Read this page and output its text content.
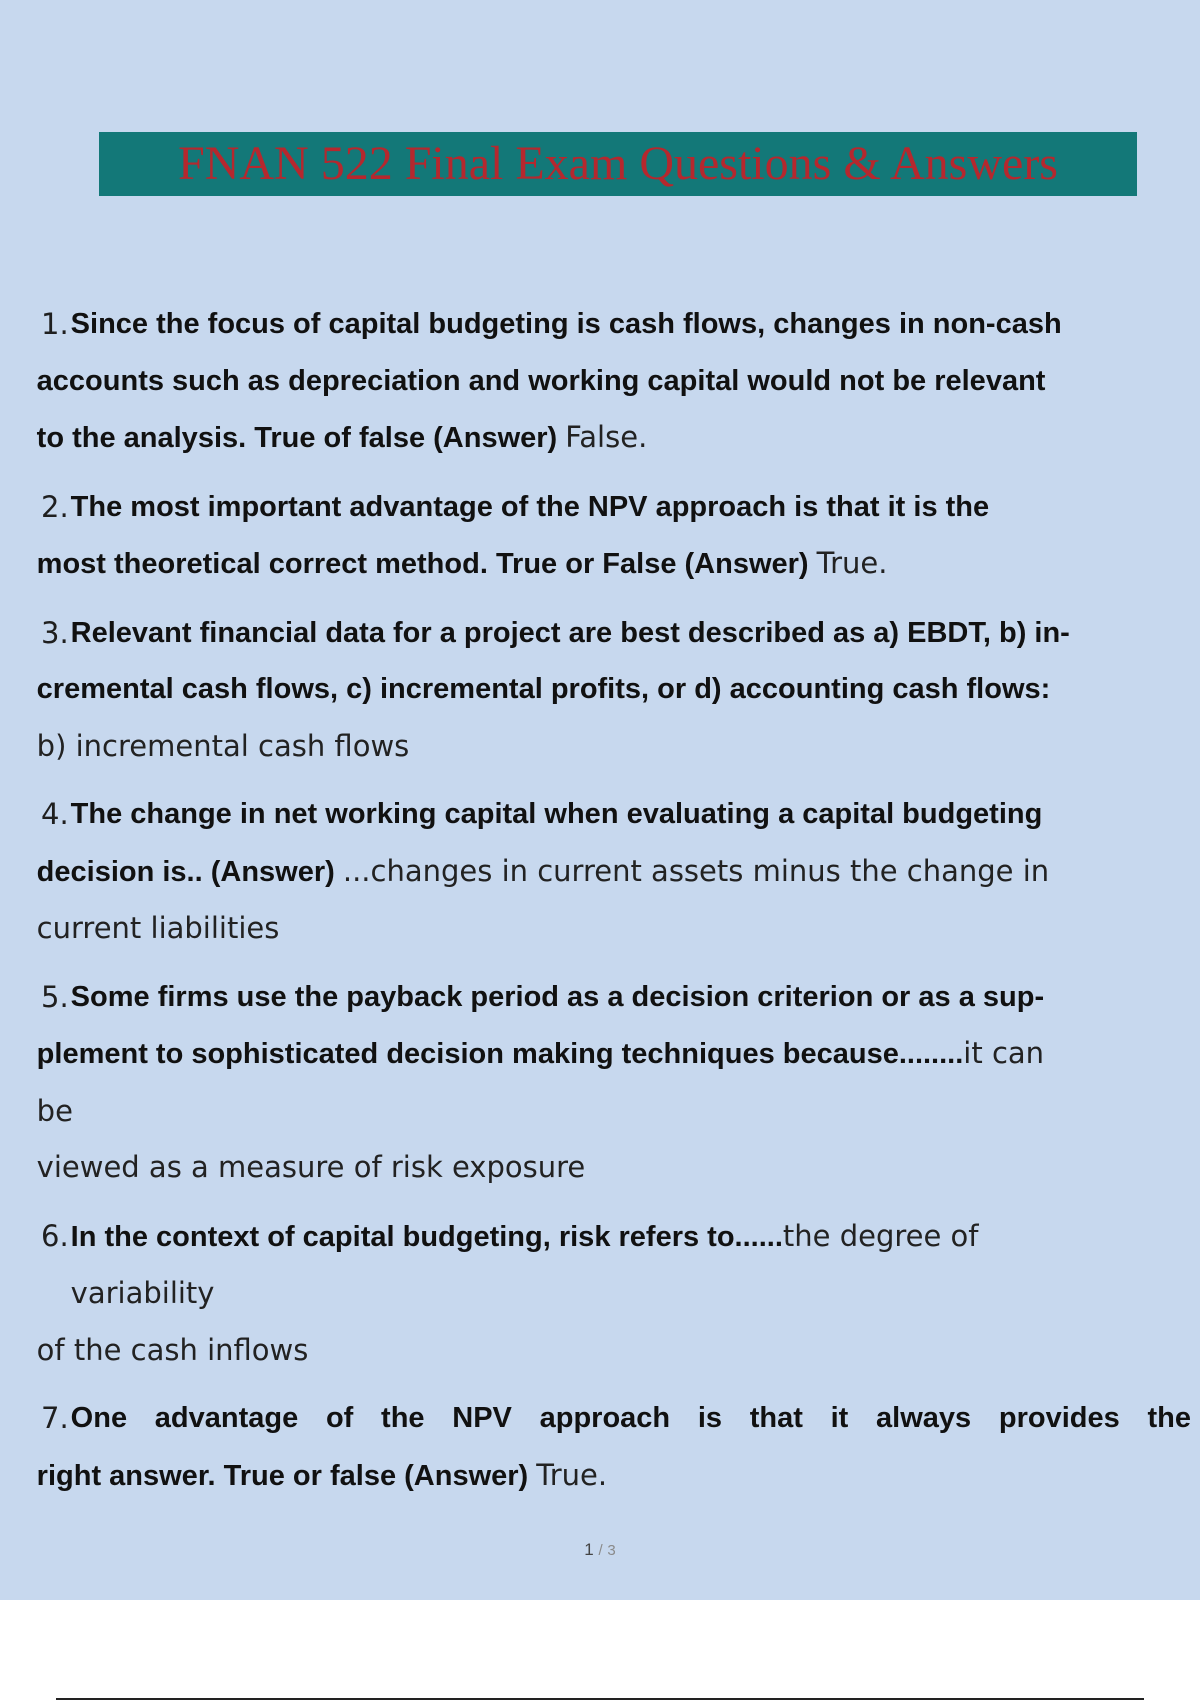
FNAN 522 Final Exam Questions & Answers
1. Since the focus of capital budgeting is cash flows, changes in non-cash
accounts such as depreciation and working capital would not be relevant
to the analysis. True of false (Answer) False.
2. The most important advantage of the NPV approach is that it is the
most theoretical correct method. True or False (Answer) True.
3. Relevant financial data for a project are best described as a) EBDT, b) in-
cremental cash flows, c) incremental profits, or d) accounting cash flows:
b) incremental cash flows
4. The change in net working capital when evaluating a capital budgeting
decision is.. (Answer) ...changes in current assets minus the change in
current liabilities
5. Some firms use the payback period as a decision criterion or as a sup-
plement to sophisticated decision making techniques because........it can
be
viewed as a measure of risk exposure
6. In the context of capital budgeting, risk refers to......the degree of
variability
of the cash inflows
7. One advantage of the NPV approach is that it always provides the
right answer. True or false (Answer) True.
1 / 3
